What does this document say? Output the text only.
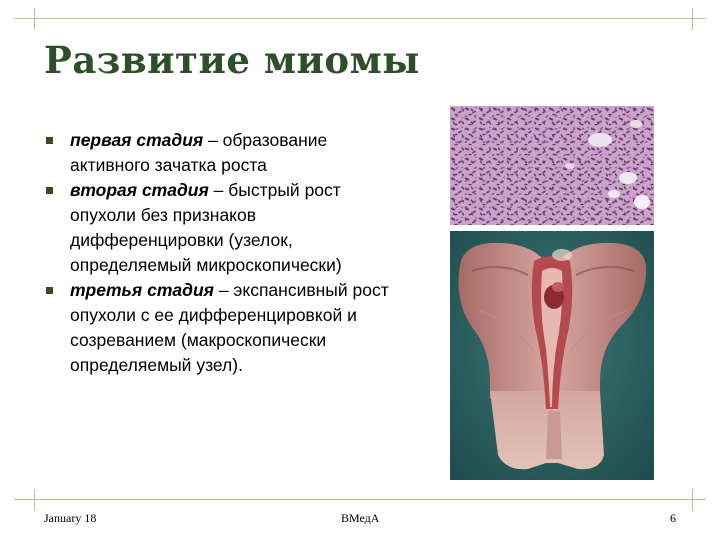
Развитие миомы
первая стадия – образование активного зачатка роста
вторая стадия – быстрый рост опухоли без признаков дифференцировки (узелок, определяемый микроскопически)
третья стадия – экспансивный рост опухоли с ее дифференцировкой и созреванием (макроскопически определяемый узел).
January 18	ВМедА	6
